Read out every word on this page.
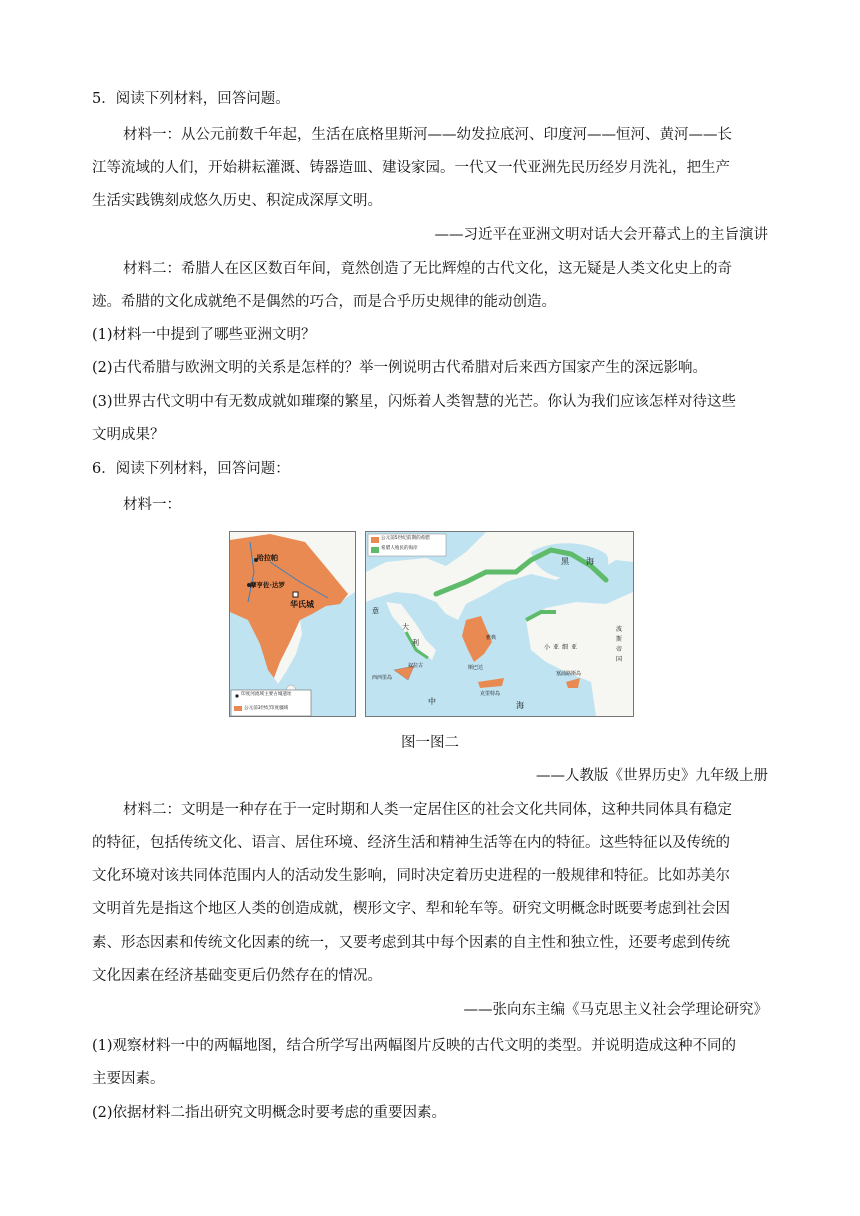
5．阅读下列材料，回答问题。
材料一：从公元前数千年起，生活在底格里斯河——幼发拉底河、印度河——恒河、黄河——长
江等流域的人们，开始耕耘灌溉、铸器造皿、建设家园。一代又一代亚洲先民历经岁月洗礼，把生产
生活实践镌刻成悠久历史、积淀成深厚文明。
——习近平在亚洲文明对话大会开幕式上的主旨演讲
材料二：希腊人在区区数百年间，竟然创造了无比辉煌的古代文化，这无疑是人类文化史上的奇
迹。希腊的文化成就绝不是偶然的巧合，而是合乎历史规律的能动创造。
(1)材料一中提到了哪些亚洲文明？
(2)古代希腊与欧洲文明的关系是怎样的？举一例说明古代希腊对后来西方国家产生的深远影响。
(3)世界古代文明中有无数成就如璀璨的繁星，闪烁着人类智慧的光芒。你认为我们应该怎样对待这些
文明成果？
6．阅读下列材料，回答问题：
材料一：
哈拉帕
摩亨佐·达罗
华氏城
印度河流域主要古城遗址
公元前3世纪印度疆域
公元前5世纪前期的希腊
希腊人殖民的海岸
黑 海
意
大
利
西西里岛
叙拉古
中	海
雅典
斯巴达
小 亚 细 亚
波
斯
帝
国
克里特岛
塞浦路斯岛
图一图二
——人教版《世界历史》九年级上册
材料二：文明是一种存在于一定时期和人类一定居住区的社会文化共同体，这种共同体具有稳定
的特征，包括传统文化、语言、居住环境、经济生活和精神生活等在内的特征。这些特征以及传统的
文化环境对该共同体范围内人的活动发生影响，同时决定着历史进程的一般规律和特征。比如苏美尔
文明首先是指这个地区人类的创造成就，楔形文字、犁和轮车等。研究文明概念时既要考虑到社会因
素、形态因素和传统文化因素的统一，又要考虑到其中每个因素的自主性和独立性，还要考虑到传统
文化因素在经济基础变更后仍然存在的情况。
——张向东主编《马克思主义社会学理论研究》
(1)观察材料一中的两幅地图，结合所学写出两幅图片反映的古代文明的类型。并说明造成这种不同的
主要因素。
(2)依据材料二指出研究文明概念时要考虑的重要因素。
